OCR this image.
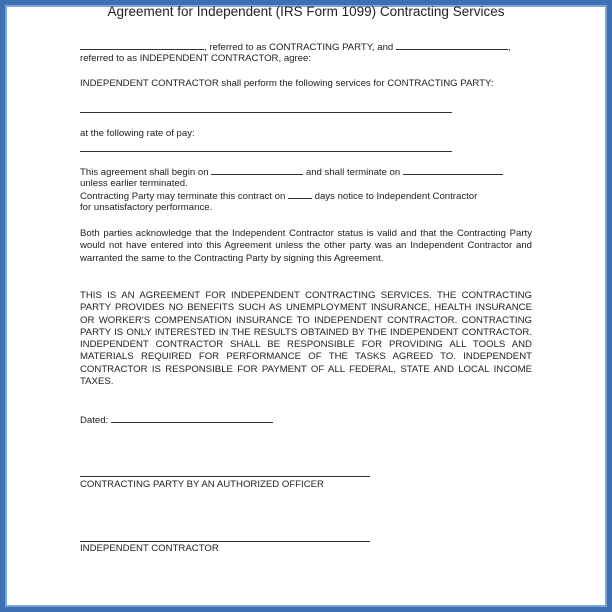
Agreement for Independent (IRS Form 1099) Contracting Services
, referred to as CONTRACTING PARTY, and	,
referred to as INDEPENDENT CONTRACTOR, agree:
INDEPENDENT CONTRACTOR shall perform the following services for CONTRACTING PARTY:
at the following rate of pay:
This agreement shall begin on	and shall terminate on
unless earlier terminated.
Contracting Party may terminate this contract on	days notice to Independent Contractor
for unsatisfactory performance.
Both parties acknowledge that the Independent Contractor status is valid and that the Contracting Party would not have entered into this Agreement unless the other party was an Independent Contractor and warranted the same to the Contracting Party by signing this Agreement.
THIS IS AN AGREEMENT FOR INDEPENDENT CONTRACTING SERVICES. THE CONTRACTING PARTY PROVIDES NO BENEFITS SUCH AS UNEMPLOYMENT INSURANCE, HEALTH INSURANCE OR WORKER'S COMPENSATION INSURANCE TO INDEPENDENT CONTRACTOR. CONTRACTING PARTY IS ONLY INTERESTED IN THE RESULTS OBTAINED BY THE INDEPENDENT CONTRACTOR. INDEPENDENT CONTRACTOR SHALL BE RESPONSIBLE FOR PROVIDING ALL TOOLS AND MATERIALS REQUIRED FOR PERFORMANCE OF THE TASKS AGREED TO. INDEPENDENT CONTRACTOR IS RESPONSIBLE FOR PAYMENT OF ALL FEDERAL, STATE AND LOCAL INCOME TAXES.
Dated:
CONTRACTING PARTY BY AN AUTHORIZED OFFICER
INDEPENDENT CONTRACTOR
